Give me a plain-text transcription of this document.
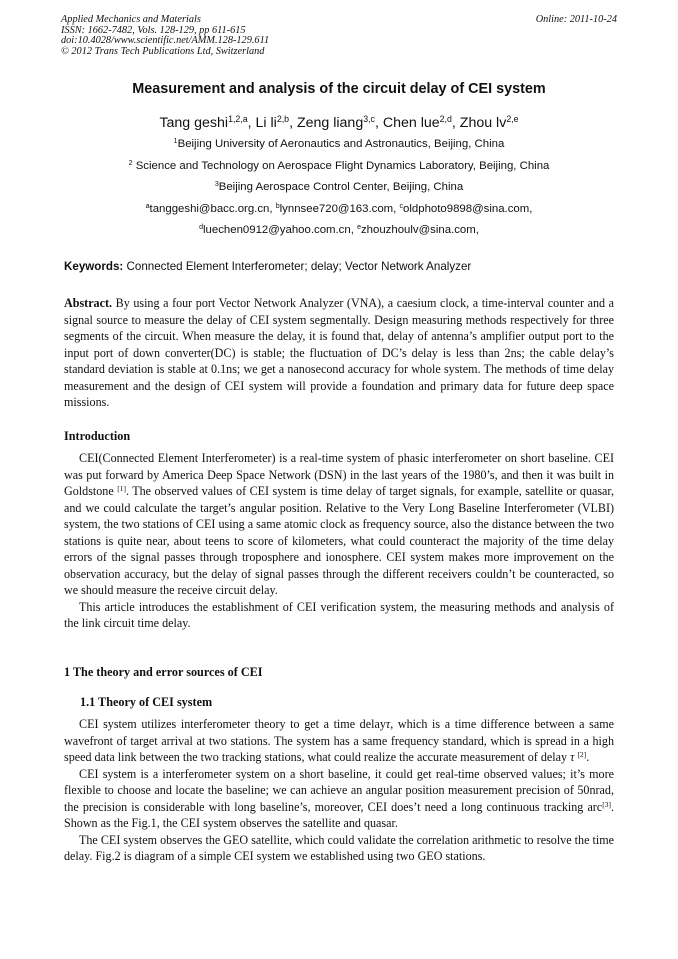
Applied Mechanics and Materials
ISSN: 1662-7482, Vols. 128-129, pp 611-615
doi:10.4028/www.scientific.net/AMM.128-129.611
© 2012 Trans Tech Publications Ltd, Switzerland
Online: 2011-10-24
Measurement and analysis of the circuit delay of CEI system
Tang geshi$^{1,2,a}$, Li li$^{2,b}$, Zeng liang$^{3,c}$, Chen lue$^{2,d}$, Zhou lv$^{2,e}$
$^1$Beijing University of Aeronautics and Astronautics, Beijing, China
$^2$ Science and Technology on Aerospace Flight Dynamics Laboratory, Beijing, China
$^3$Beijing Aerospace Control Center, Beijing, China
$^a$tanggeshi@bacc.org.cn, $^b$lynnsee720@163.com, $^c$oldphoto9898@sina.com,
$^d$luechen0912@yahoo.com.cn, $^e$zhouzhoulv@sina.com,
Keywords: Connected Element Interferometer; delay; Vector Network Analyzer

Abstract. By using a four port Vector Network Analyzer (VNA), a caesium clock, a time-interval counter and a signal source to measure the delay of CEI system segmentally. Design measuring methods respectively for three segments of the circuit. When measure the delay, it is found that, delay of antenna’s amplifier output port to the input port of down converter(DC) is stable; the fluctuation of DC’s delay is less than 2ns; the cable delay’s standard deviation is stable at 0.1ns; we get a nanosecond accuracy for whole system. The methods of time delay measurement and the design of CEI system will provide a foundation and primary data for future deep space missions.

Introduction

CEI(Connected Element Interferometer) is a real-time system of phasic interferometer on short baseline. CEI was put forward by America Deep Space Network (DSN) in the last years of the 1980’s, and then it was built in Goldstone [1]. The observed values of CEI system is time delay of target signals, for example, satellite or quasar, and we could calculate the target’s angular position. Relative to the Very Long Baseline Interferometer (VLBI) system, the two stations of CEI using a same atomic clock as frequency source, also the distance between the two stations is quite near, about teens to score of kilometers, what could counteract the majority of the time delay errors of the signal passes through troposphere and ionosphere. CEI system makes more improvement on the observation accuracy, but the delay of signal passes through the different receivers couldn’t be counteracted, so we should measure the receive circuit delay.

This article introduces the establishment of CEI verification system, the measuring methods and analysis of the link circuit time delay.

1 The theory and error sources of CEI
1.1 Theory of CEI system

CEI system utilizes interferometer theory to get a time delayτ, which is a time difference between a same wavefront of target arrival at two stations. The system has a same frequency standard, which is spread in a high speed data link between the two tracking stations, what could realize the accurate measurement of delay τ [2].

CEI system is a interferometer system on a short baseline, it could get real-time observed values; it’s more flexible to choose and locate the baseline; we can achieve an angular position measurement precision of 50nrad, the precision is considerable with long baseline’s, moreover, CEI does’t need a long continuous tracking arc[3]. Shown as the Fig.1, the CEI system observes the satellite and quasar.

The CEI system observes the GEO satellite, which could validate the correlation arithmetic to resolve the time delay. Fig.2 is diagram of a simple CEI system we established using two GEO stations.
